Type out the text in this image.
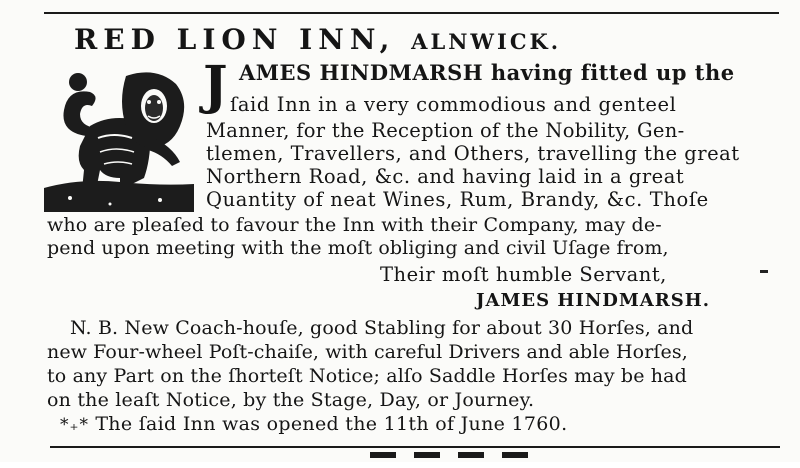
RED LION INN, ALNWICK.
J AMES HINDMARSH having fitted up the
ſaid Inn in a very commodious and genteel
Manner, for the Reception of the Nobility, Gen-
tlemen, Travellers, and Others, travelling the great
Northern Road, &c. and having laid in a great
Quantity of neat Wines, Rum, Brandy, &c. Thoſe
who are pleaſed to favour the Inn with their Company, may de-
pend upon meeting with the moſt obliging and civil Uſage from,
Their moſt humble Servant,
JAMES HINDMARSH.
N. B. New Coach-houſe, good Stabling for about 30 Horſes, and
new Four-wheel Poſt-chaiſe, with careful Drivers and able Horſes,
to any Part on the ſhorteſt Notice; alſo Saddle Horſes may be had
on the leaſt Notice, by the Stage, Day, or Journey.
*₊* The ſaid Inn was opened the 11th of June 1760.
